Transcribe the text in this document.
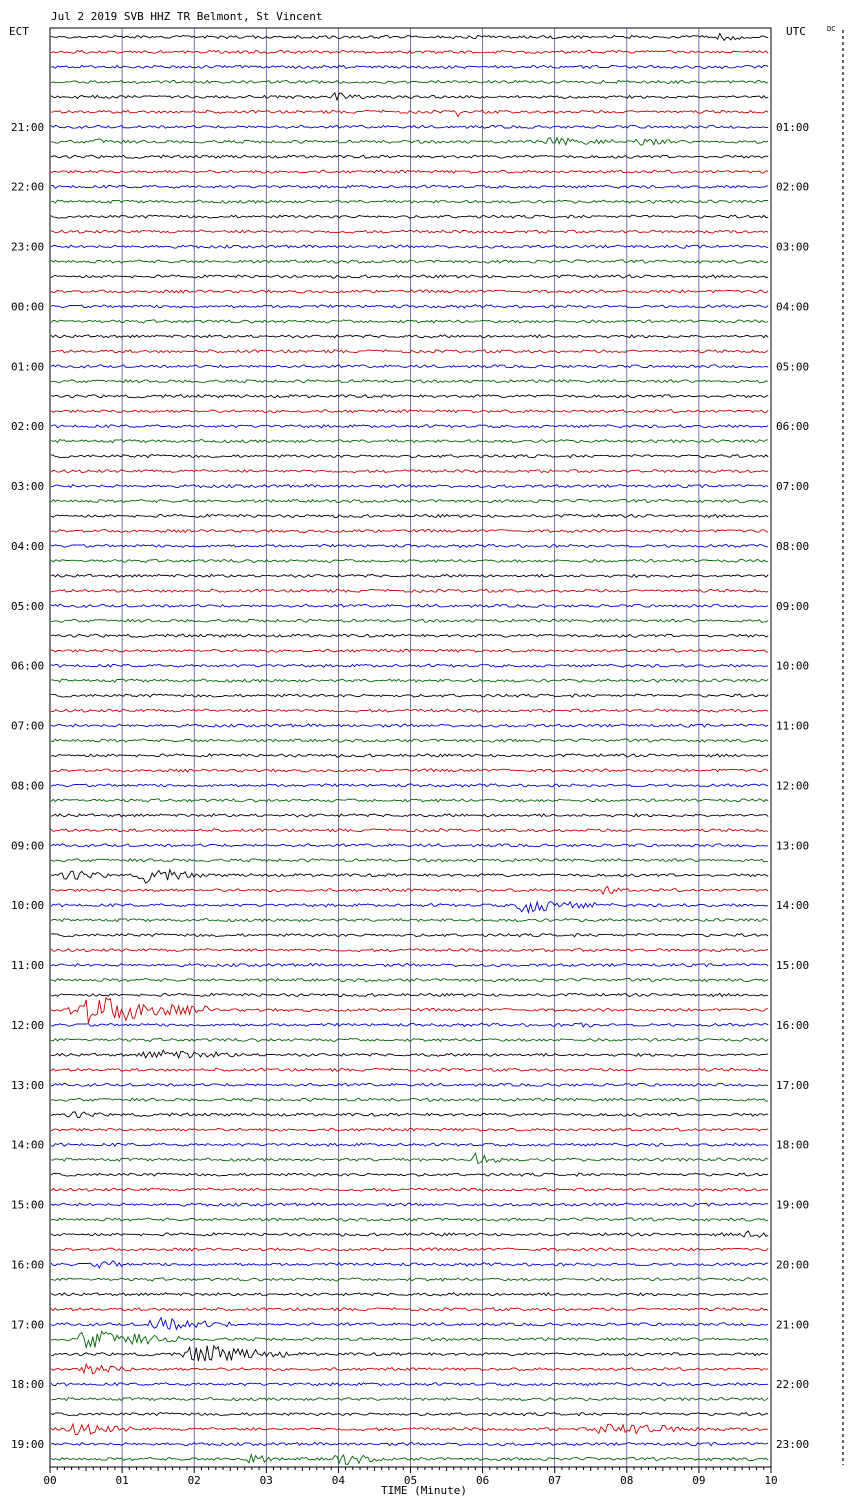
Jul 2 2019 SVB HHZ TR Belmont, St Vincent
ECT	UTC	DC
TIME (Minute)
21:00
22:00
23:00
00:00
01:00
02:00
03:00
04:00
05:00
06:00
07:00
08:00
09:00
10:00
11:00
12:00
13:00
14:00
15:00
16:00
17:00
18:00
19:00
01:00
02:00
03:00
04:00
05:00
06:00
07:00
08:00
09:00
10:00
11:00
12:00
13:00
14:00
15:00
16:00
17:00
18:00
19:00
20:00
21:00
22:00
23:00
00	01	02	03	04	05	06	07	08	09	10
